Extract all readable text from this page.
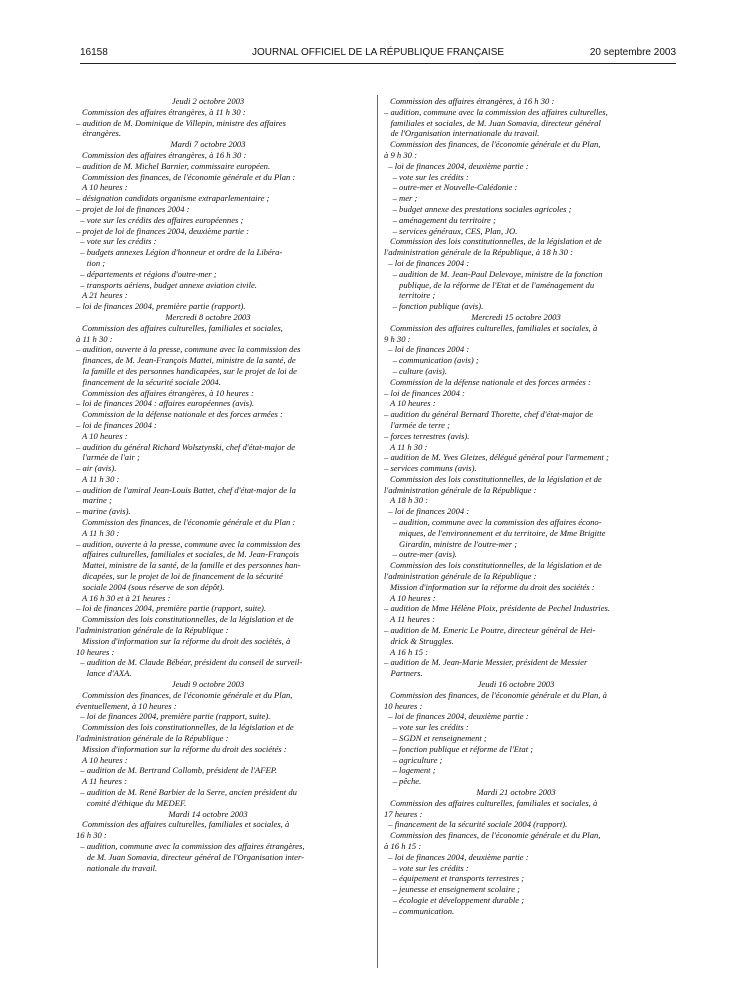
16158	JOURNAL OFFICIEL DE LA RÉPUBLIQUE FRANÇAISE	20 septembre 2003
Jeudi 2 octobre 2003
Commission des affaires étrangères, à 11 h 30 :
– audition de M. Dominique de Villepin, ministre des affaires
étrangères.
Mardi 7 octobre 2003
Commission des affaires étrangères, à 16 h 30 :
– audition de M. Michel Barnier, commissaire européen.
Commission des finances, de l'économie générale et du Plan :
A 10 heures :
– désignation candidats organisme extraparlementaire ;
– projet de loi de finances 2004 :
– vote sur les crédits des affaires européennes ;
– projet de loi de finances 2004, deuxième partie :
– vote sur les crédits :
– budgets annexes Légion d'honneur et ordre de la Libéra-
tion ;
– départements et régions d'outre-mer ;
– transports aériens, budget annexe aviation civile.
A 21 heures :
– loi de finances 2004, première partie (rapport).
Mercredi 8 octobre 2003
Commission des affaires culturelles, familiales et sociales,
à 11 h 30 :
– audition, ouverte à la presse, commune avec la commission des
finances, de M. Jean-François Mattei, ministre de la santé, de
la famille et des personnes handicapées, sur le projet de loi de
financement de la sécurité sociale 2004.
Commission des affaires étrangères, à 10 heures :
– loi de finances 2004 : affaires européennes (avis).
Commission de la défense nationale et des forces armées :
– loi de finances 2004 :
A 10 heures :
– audition du général Richard Wolsztynski, chef d'état-major de
l'armée de l'air ;
– air (avis).
A 11 h 30 :
– audition de l'amiral Jean-Louis Battet, chef d'état-major de la
marine ;
– marine (avis).
Commission des finances, de l'économie générale et du Plan :
A 11 h 30 :
– audition, ouverte à la presse, commune avec la commission des
affaires culturelles, familiales et sociales, de M. Jean-François
Mattei, ministre de la santé, de la famille et des personnes han-
dicapées, sur le projet de loi de financement de la sécurité
sociale 2004 (sous réserve de son dépôt).
A 16 h 30 et à 21 heures :
– loi de finances 2004, première partie (rapport, suite).
Commission des lois constitutionnelles, de la législation et de
l'administration générale de la République :
Mission d'information sur la réforme du droit des sociétés, à
10 heures :
– audition de M. Claude Bébéar, président du conseil de surveil-
lance d'AXA.
Jeudi 9 octobre 2003
Commission des finances, de l'économie générale et du Plan,
éventuellement, à 10 heures :
– loi de finances 2004, première partie (rapport, suite).
Commission des lois constitutionnelles, de la législation et de
l'administration générale de la République :
Mission d'information sur la réforme du droit des sociétés :
A 10 heures :
– audition de M. Bertrand Collomb, président de l'AFEP.
A 11 heures :
– audition de M. René Barbier de la Serre, ancien président du
comité d'éthique du MEDEF.
Mardi 14 octobre 2003
Commission des affaires culturelles, familiales et sociales, à
16 h 30 :
– audition, commune avec la commission des affaires étrangères,
de M. Juan Somavia, directeur général de l'Organisation inter-
nationale du travail.
Commission des affaires étrangères, à 16 h 30 :
– audition, commune avec la commission des affaires culturelles,
familiales et sociales, de M. Juan Somavia, directeur général
de l'Organisation internationale du travail.
Commission des finances, de l'économie générale et du Plan,
à 9 h 30 :
– loi de finances 2004, deuxième partie :
– vote sur les crédits :
– outre-mer et Nouvelle-Calédonie :
– mer ;
– budget annexe des prestations sociales agricoles ;
– aménagement du territoire ;
– services généraux, CES, Plan, JO.
Commission des lois constitutionnelles, de la législation et de
l'administration générale de la République, à 18 h 30 :
– loi de finances 2004 :
– audition de M. Jean-Paul Delevoye, ministre de la fonction
publique, de la réforme de l'Etat et de l'aménagement du
territoire ;
– fonction publique (avis).
Mercredi 15 octobre 2003
Commission des affaires culturelles, familiales et sociales, à
9 h 30 :
– loi de finances 2004 :
– communication (avis) ;
– culture (avis).
Commission de la défense nationale et des forces armées :
– loi de finances 2004 :
A 10 heures :
– audition du général Bernard Thorette, chef d'état-major de
l'armée de terre ;
– forces terrestres (avis).
A 11 h 30 :
– audition de M. Yves Gleizes, délégué général pour l'armement ;
– services communs (avis).
Commission des lois constitutionnelles, de la législation et de
l'administration générale de la République :
A 18 h 30 :
– loi de finances 2004 :
– audition, commune avec la commission des affaires écono-
miques, de l'environnement et du territoire, de Mme Brigitte
Girardin, ministre de l'outre-mer ;
– outre-mer (avis).
Commission des lois constitutionnelles, de la législation et de
l'administration générale de la République :
Mission d'information sur la réforme du droit des sociétés :
A 10 heures :
– audition de Mme Hélène Ploix, présidente de Pechel Industries.
A 11 heures :
– audition de M. Emeric Le Poutre, directeur général de Hei-
drick & Struggles.
A 16 h 15 :
– audition de M. Jean-Marie Messier, président de Messier
Partners.
Jeudi 16 octobre 2003
Commission des finances, de l'économie générale et du Plan, à
10 heures :
– loi de finances 2004, deuxième partie :
– vote sur les crédits :
– SGDN et renseignement ;
– fonction publique et réforme de l'Etat ;
– agriculture ;
– logement ;
– pêche.
Mardi 21 octobre 2003
Commission des affaires culturelles, familiales et sociales, à
17 heures :
– financement de la sécurité sociale 2004 (rapport).
Commission des finances, de l'économie générale et du Plan,
à 16 h 15 :
– loi de finances 2004, deuxième partie :
– vote sur les crédits :
– équipement et transports terrestres ;
– jeunesse et enseignement scolaire ;
– écologie et développement durable ;
– communication.
